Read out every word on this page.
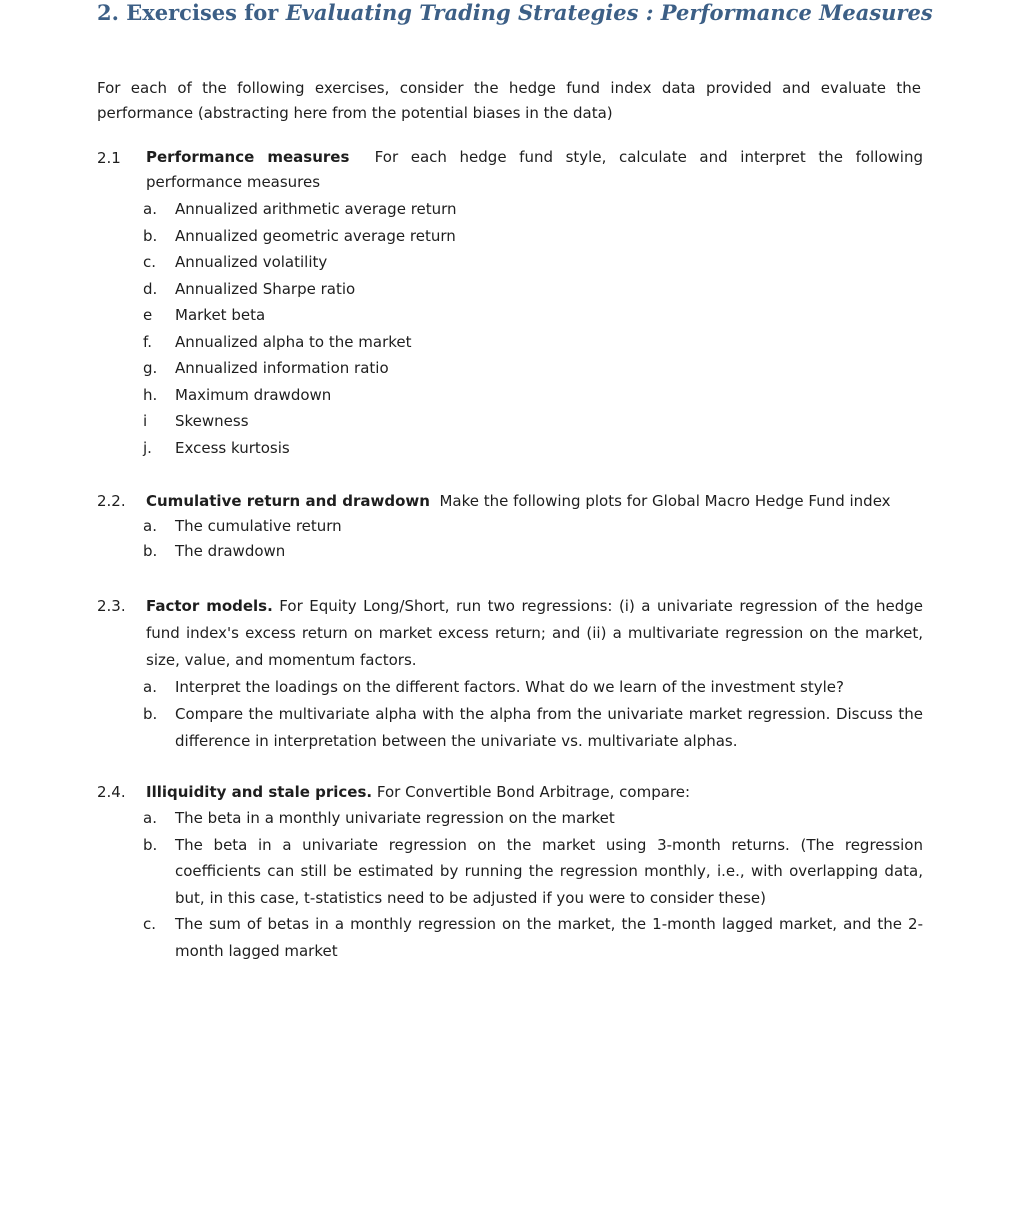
2. Exercises for Evaluating Trading Strategies : Performance Measures

For each of the following exercises, consider the hedge fund index data provided and evaluate the performance (abstracting here from the potential biases in the data)

2.1 Performance measures For each hedge fund style, calculate and interpret the following performance measures
a. Annualized arithmetic average return
b. Annualized geometric average return
c. Annualized volatility
d. Annualized Sharpe ratio
e Market beta
f. Annualized alpha to the market
g. Annualized information ratio
h. Maximum drawdown
i Skewness
j. Excess kurtosis
2.2. Cumulative return and drawdown Make the following plots for Global Macro Hedge Fund index
a. The cumulative return
b. The drawdown
2.3. Factor models. For Equity Long/Short, run two regressions: (i) a univariate regression of the hedge fund index's excess return on market excess return; and (ii) a multivariate regression on the market, size, value, and momentum factors.
a. Interpret the loadings on the different factors. What do we learn of the investment style?
b. Compare the multivariate alpha with the alpha from the univariate market regression. Discuss the difference in interpretation between the univariate vs. multivariate alphas.
2.4. Illiquidity and stale prices. For Convertible Bond Arbitrage, compare:
a. The beta in a monthly univariate regression on the market
b. The beta in a univariate regression on the market using 3-month returns. (The regression coefficients can still be estimated by running the regression monthly, i.e., with overlapping data, but, in this case, t-statistics need to be adjusted if you were to consider these)
c. The sum of betas in a monthly regression on the market, the 1-month lagged market, and the 2-month lagged market
